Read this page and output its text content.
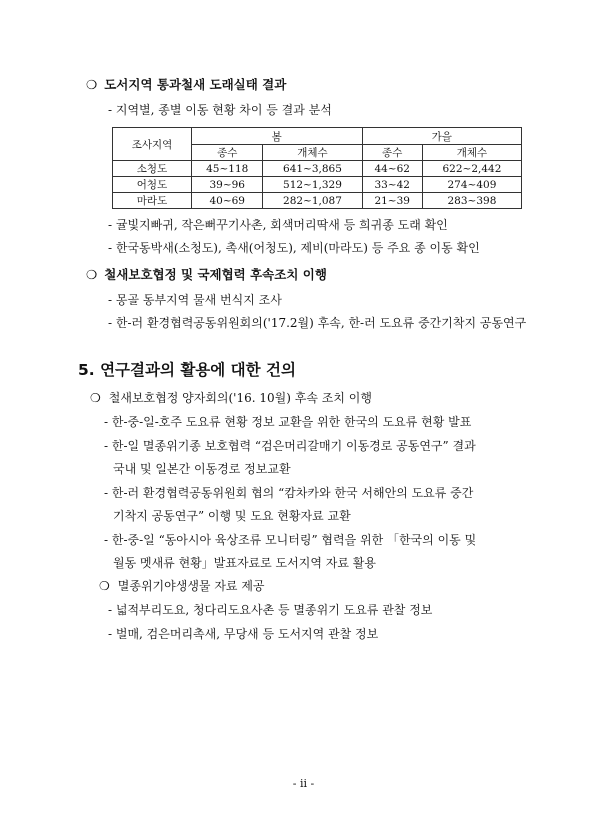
❍ 도서지역 통과철새 도래실태 결과
- 지역별, 종별 이동 현황 차이 등 결과 분석
조사지역	봄		가을	
	종수	개체수	종수	개체수
소청도	45~118	641~3,865	44~62	622~2,442
어청도	39~96	512~1,329	33~42	274~409
마라도	40~69	282~1,087	21~39	283~398
- 귤빛지빠귀, 작은뻐꾸기사촌, 회색머리딱새 등 희귀종 도래 확인
- 한국동박새(소청도), 촉새(어청도), 제비(마라도) 등 주요 종 이동 확인
❍ 철새보호협정 및 국제협력 후속조치 이행
- 몽골 동부지역 물새 번식지 조사
- 한-러 환경협력공동위원회의('17.2월) 후속, 한-러 도요류 중간기착지 공동연구
5. 연구결과의 활용에 대한 건의
❍ 철새보호협정 양자회의('16. 10월) 후속 조치 이행
- 한-중-일-호주 도요류 현황 정보 교환을 위한 한국의 도요류 현황 발표
- 한-일 멸종위기종 보호협력 “검은머리갈매기 이동경로 공동연구” 결과
국내 및 일본간 이동경로 정보교환
- 한-러 환경협력공동위원회 협의 “캄차카와 한국 서해안의 도요류 중간
기착지 공동연구” 이행 및 도요 현황자료 교환
- 한-중-일 “동아시아 육상조류 모니터링” 협력을 위한 「한국의 이동 및
월동 멧새류 현황」발표자료로 도서지역 자료 활용
❍ 멸종위기야생생물 자료 제공
- 넓적부리도요, 청다리도요사촌 등 멸종위기 도요류 관찰 정보
- 벌매, 검은머리촉새, 무당새 등 도서지역 관찰 정보
- ii -
